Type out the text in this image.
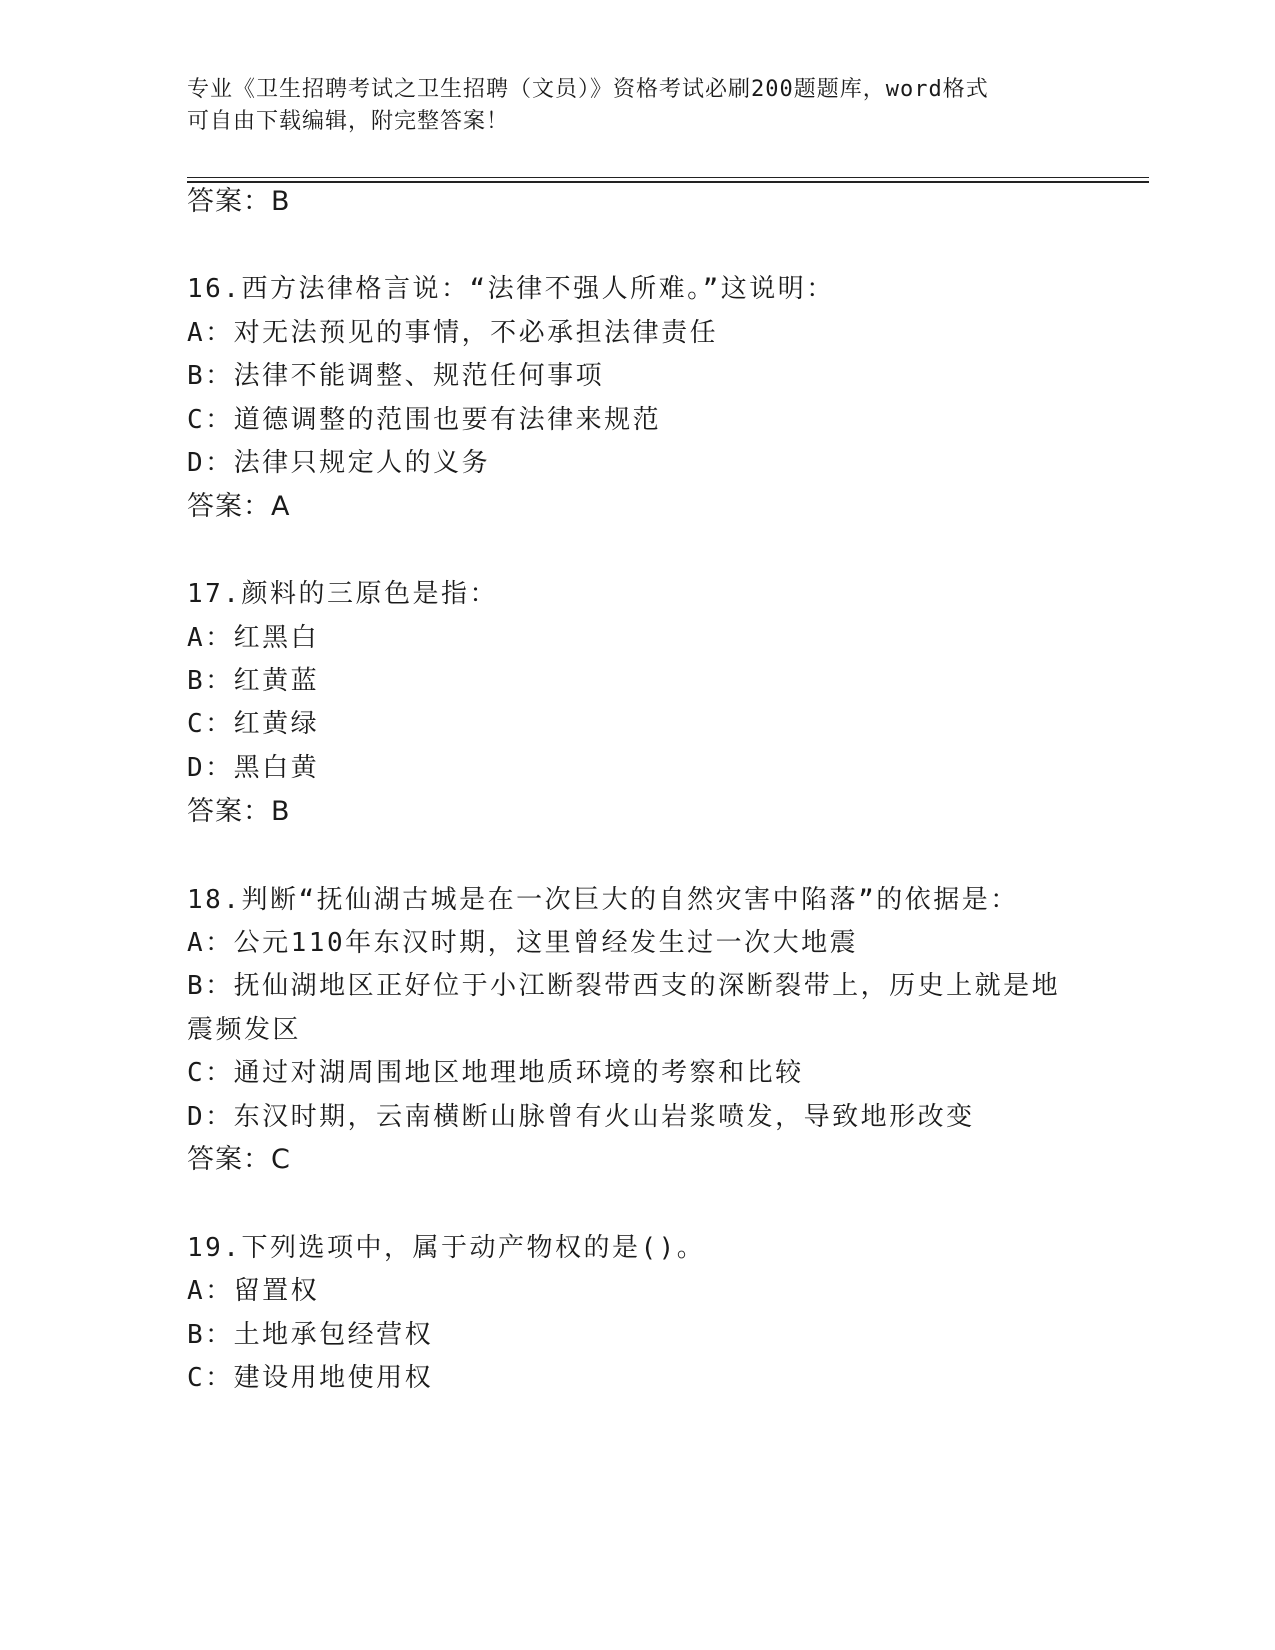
专业《卫生招聘考试之卫生招聘（文员）》资格考试必刷200题题库，word格式
可自由下载编辑，附完整答案！
答案：B
16.西方法律格言说：“法律不强人所难。”这说明：
A：对无法预见的事情，不必承担法律责任
B：法律不能调整、规范任何事项
C：道德调整的范围也要有法律来规范
D：法律只规定人的义务
答案：A
17.颜料的三原色是指：
A：红黑白
B：红黄蓝
C：红黄绿
D：黑白黄
答案：B
18.判断“抚仙湖古城是在一次巨大的自然灾害中陷落”的依据是：
A：公元110年东汉时期，这里曾经发生过一次大地震
B：抚仙湖地区正好位于小江断裂带西支的深断裂带上，历史上就是地
震频发区
C：通过对湖周围地区地理地质环境的考察和比较
D：东汉时期，云南横断山脉曾有火山岩浆喷发，导致地形改变
答案：C
19.下列选项中，属于动产物权的是()。
A：留置权
B：土地承包经营权
C：建设用地使用权
